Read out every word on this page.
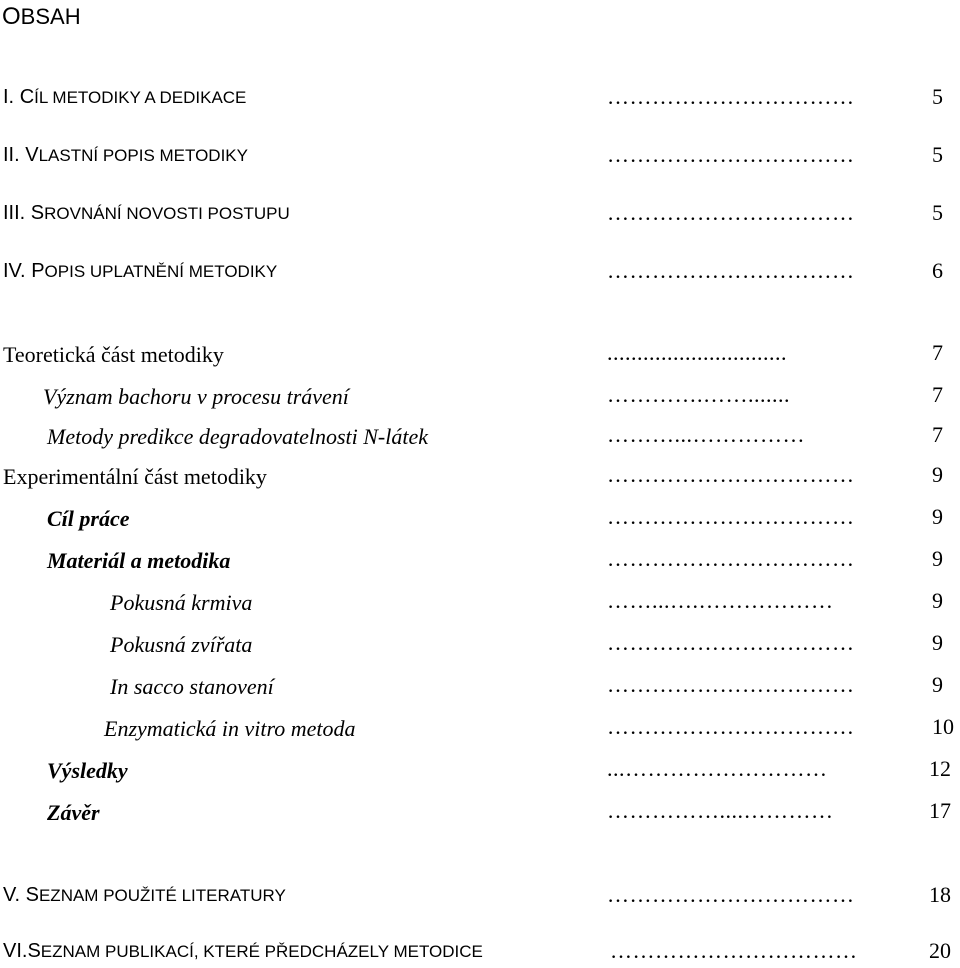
OBSAH
I. CÍL METODIKY A DEDIKACE	……………………………	5
II. VLASTNÍ POPIS METODIKY	……………………………	5
III. SROVNÁNÍ NOVOSTI POSTUPU	……………………………	5
IV. POPIS UPLATNĚNÍ METODIKY	……………………………	6
Teoretická část metodiky	..............................	7
Význam bachoru v procesu trávení	………….…….......	7
Metody predikce degradovatelnosti N-látek	………...……………	7
Experimentální část metodiky	……………………………	9
Cíl práce	……………………………	9
Materiál a metodika	……………………………	9
Pokusná krmiva	……...….………………	9
Pokusná zvířata	……………………………	9
In sacco stanovení	……………………………	9
Enzymatická in vitro metoda	……………………………	10
Výsledky	...………………………	12
Závěr	……………....…………	17
V. SEZNAM POUŽITÉ LITERATURY	……………………………	18
VI.SEZNAM PUBLIKACÍ, KTERÉ PŘEDCHÁZELY METODICE	……………………………	20
